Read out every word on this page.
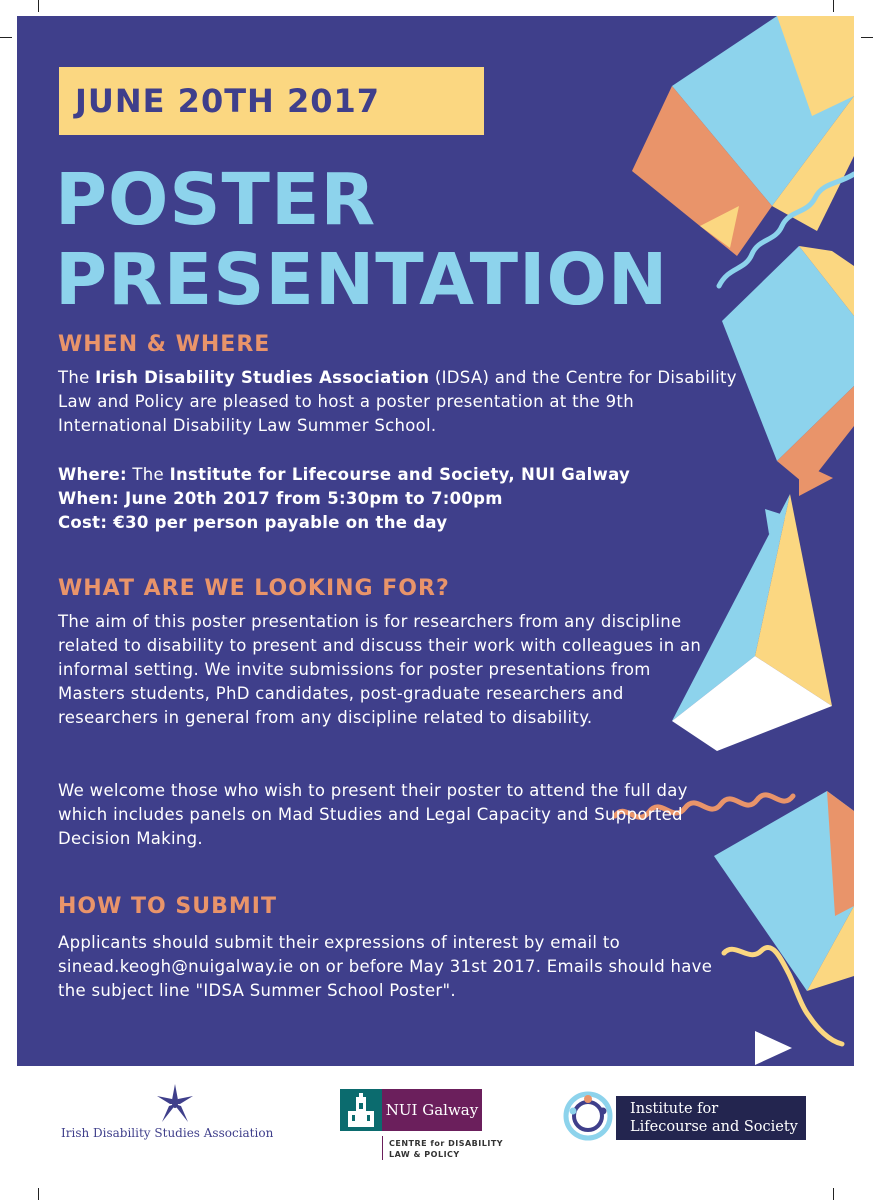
JUNE 20TH 2017
POSTER
PRESENTATION
WHEN & WHERE

The Irish Disability Studies Association (IDSA) and the Centre for Disability Law and Policy are pleased to host a poster presentation at the 9th International Disability Law Summer School.

Where: The Institute for Lifecourse and Society, NUI Galway
When: June 20th 2017 from 5:30pm to 7:00pm
Cost: €30 per person payable on the day

WHAT ARE WE LOOKING FOR?

The aim of this poster presentation is for researchers from any discipline related to disability to present and discuss their work with colleagues in an informal setting. We invite submissions for poster presentations from Masters students, PhD candidates, post-graduate researchers and researchers in general from any discipline related to disability.

We welcome those who wish to present their poster to attend the full day which includes panels on Mad Studies and Legal Capacity and Supported Decision Making.

HOW TO SUBMIT

Applicants should submit their expressions of interest by email to sinead.keogh@nuigalway.ie on or before May 31st 2017. Emails should have the subject line "IDSA Summer School Poster".

Irish Disability Studies Association
NUI Galway
CENTRE for DISABILITY
LAW & POLICY
Institute for
Lifecourse and Society
